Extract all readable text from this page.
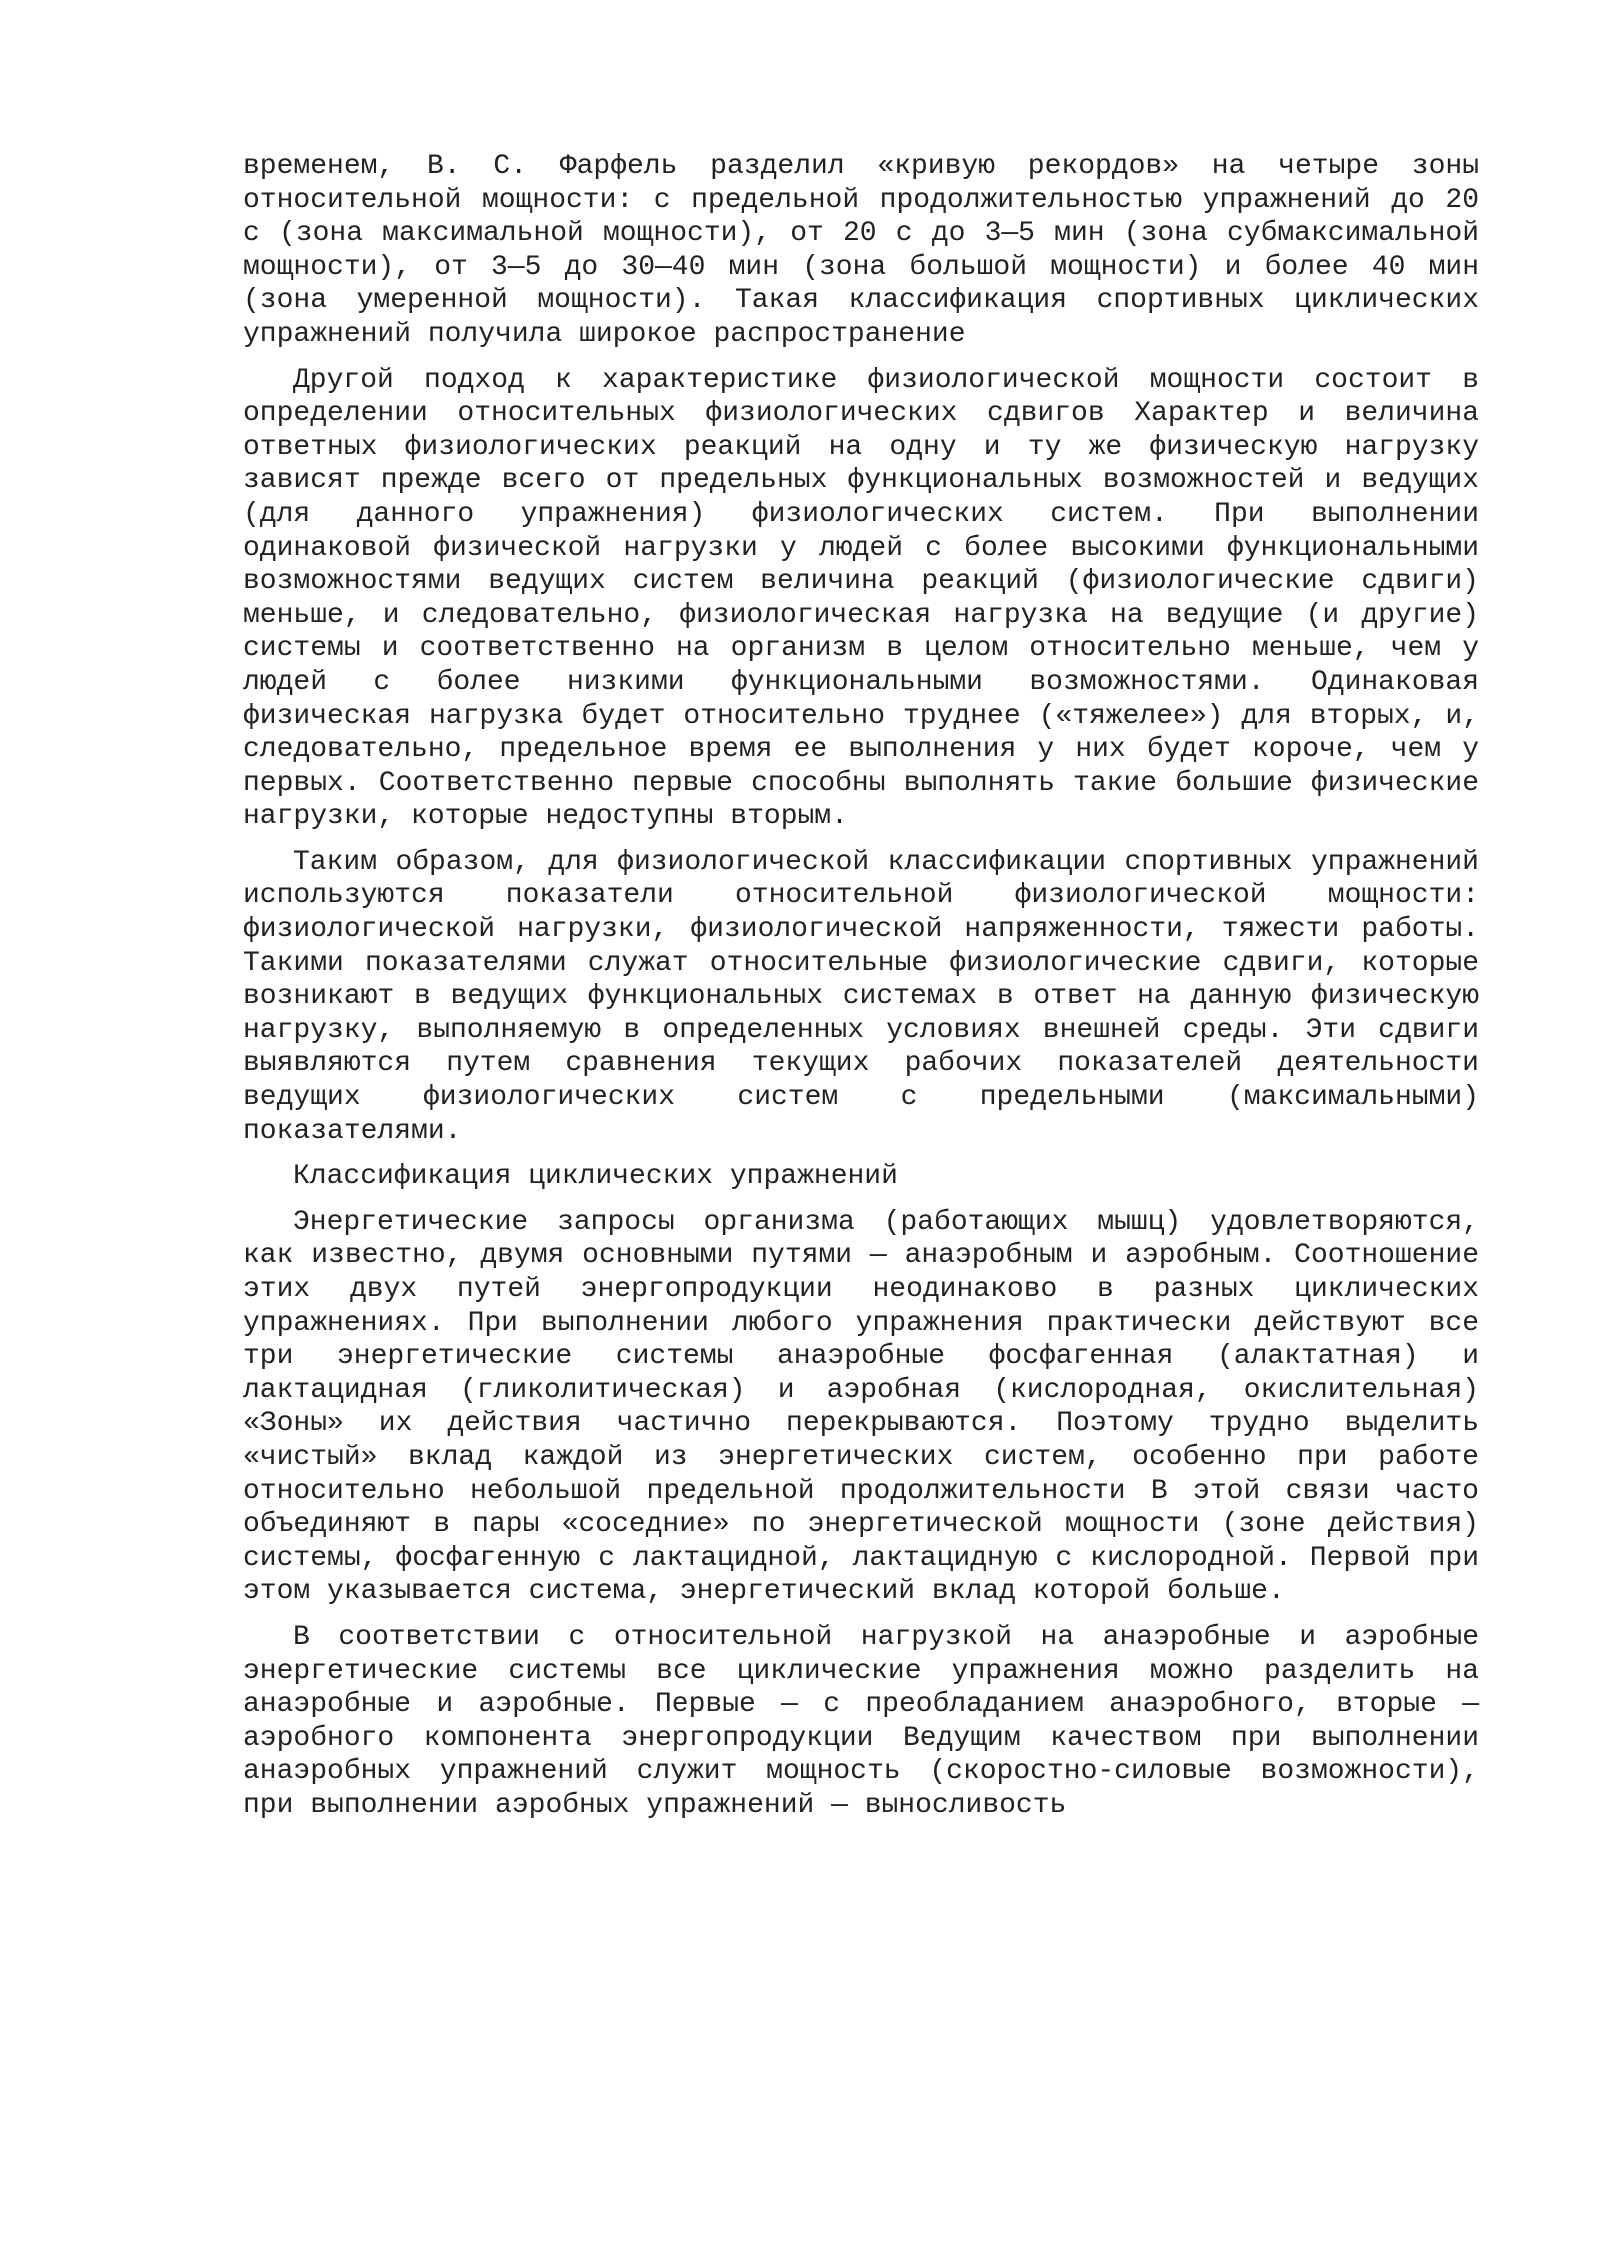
временем, В. С. Фарфель разделил «кривую рекордов» на четыре зоны относительной мощности: с предельной продолжительностью упражнений до 20 с (зона максимальной мощности), от 20 с до 3—5 мин (зона субмаксимальной мощности), от 3—5 до 30—40 мин (зона большой мощности) и более 40 мин (зона умеренной мощности). Такая классификация спортивных циклических упражнений получила широкое распространение

Другой подход к характеристике физиологической мощности состоит в определении относительных физиологических сдвигов Характер и величина ответных физиологических реакций на одну и ту же физическую нагрузку зависят прежде всего от предельных функциональных возможностей и ведущих (для данного упражнения) физиологических систем. При выполнении одинаковой физической нагрузки у людей с более высокими функциональными возможностями ведущих систем величина реакций (физиологические сдвиги) меньше, и следовательно, физиологическая нагрузка на ведущие (и другие) системы и соответственно на организм в целом относительно меньше, чем у людей с более низкими функциональными возможностями. Одинаковая физическая нагрузка будет относительно труднее («тяжелее») для вторых, и, следовательно, предельное время ее выполнения у них будет короче, чем у первых. Соответственно первые способны выполнять такие большие физические нагрузки, которые недоступны вторым.

Таким образом, для физиологической классификации спортивных упражнений используются показатели относительной физиологической мощности: физиологической нагрузки, физиологической напряженности, тяжести работы. Такими показателями служат относительные физиологические сдвиги, которые возникают в ведущих функциональных системах в ответ на данную физическую нагрузку, выполняемую в определенных условиях внешней среды. Эти сдвиги выявляются путем сравнения текущих рабочих показателей деятельности ведущих физиологических систем с предельными (максимальными) показателями.

Классификация циклических упражнений

Энергетические запросы организма (работающих мышц) удовлетворяются, как известно, двумя основными путями — анаэробным и аэробным. Соотношение этих двух путей энергопродукции неодинаково в разных циклических упражнениях. При выполнении любого упражнения практически действуют все три энергетические системы анаэробные фосфагенная (алактатная) и лактацидная (гликолитическая) и аэробная (кислородная, окислительная) «Зоны» их действия частично перекрываются. Поэтому трудно выделить «чистый» вклад каждой из энергетических систем, особенно при работе относительно небольшой предельной продолжительности В этой связи часто объединяют в пары «соседние» по энергетической мощности (зоне действия) системы, фосфагенную с лактацидной, лактацидную с кислородной. Первой при этом указывается система, энергетический вклад которой больше.

В соответствии с относительной нагрузкой на анаэробные и аэробные энергетические системы все циклические упражнения можно разделить на анаэробные и аэробные. Первые — с преобладанием анаэробного, вторые — аэробного компонента энергопродукции Ведущим качеством при выполнении анаэробных упражнений служит мощность (скоростно-силовые возможности), при выполнении аэробных упражнений — выносливость
